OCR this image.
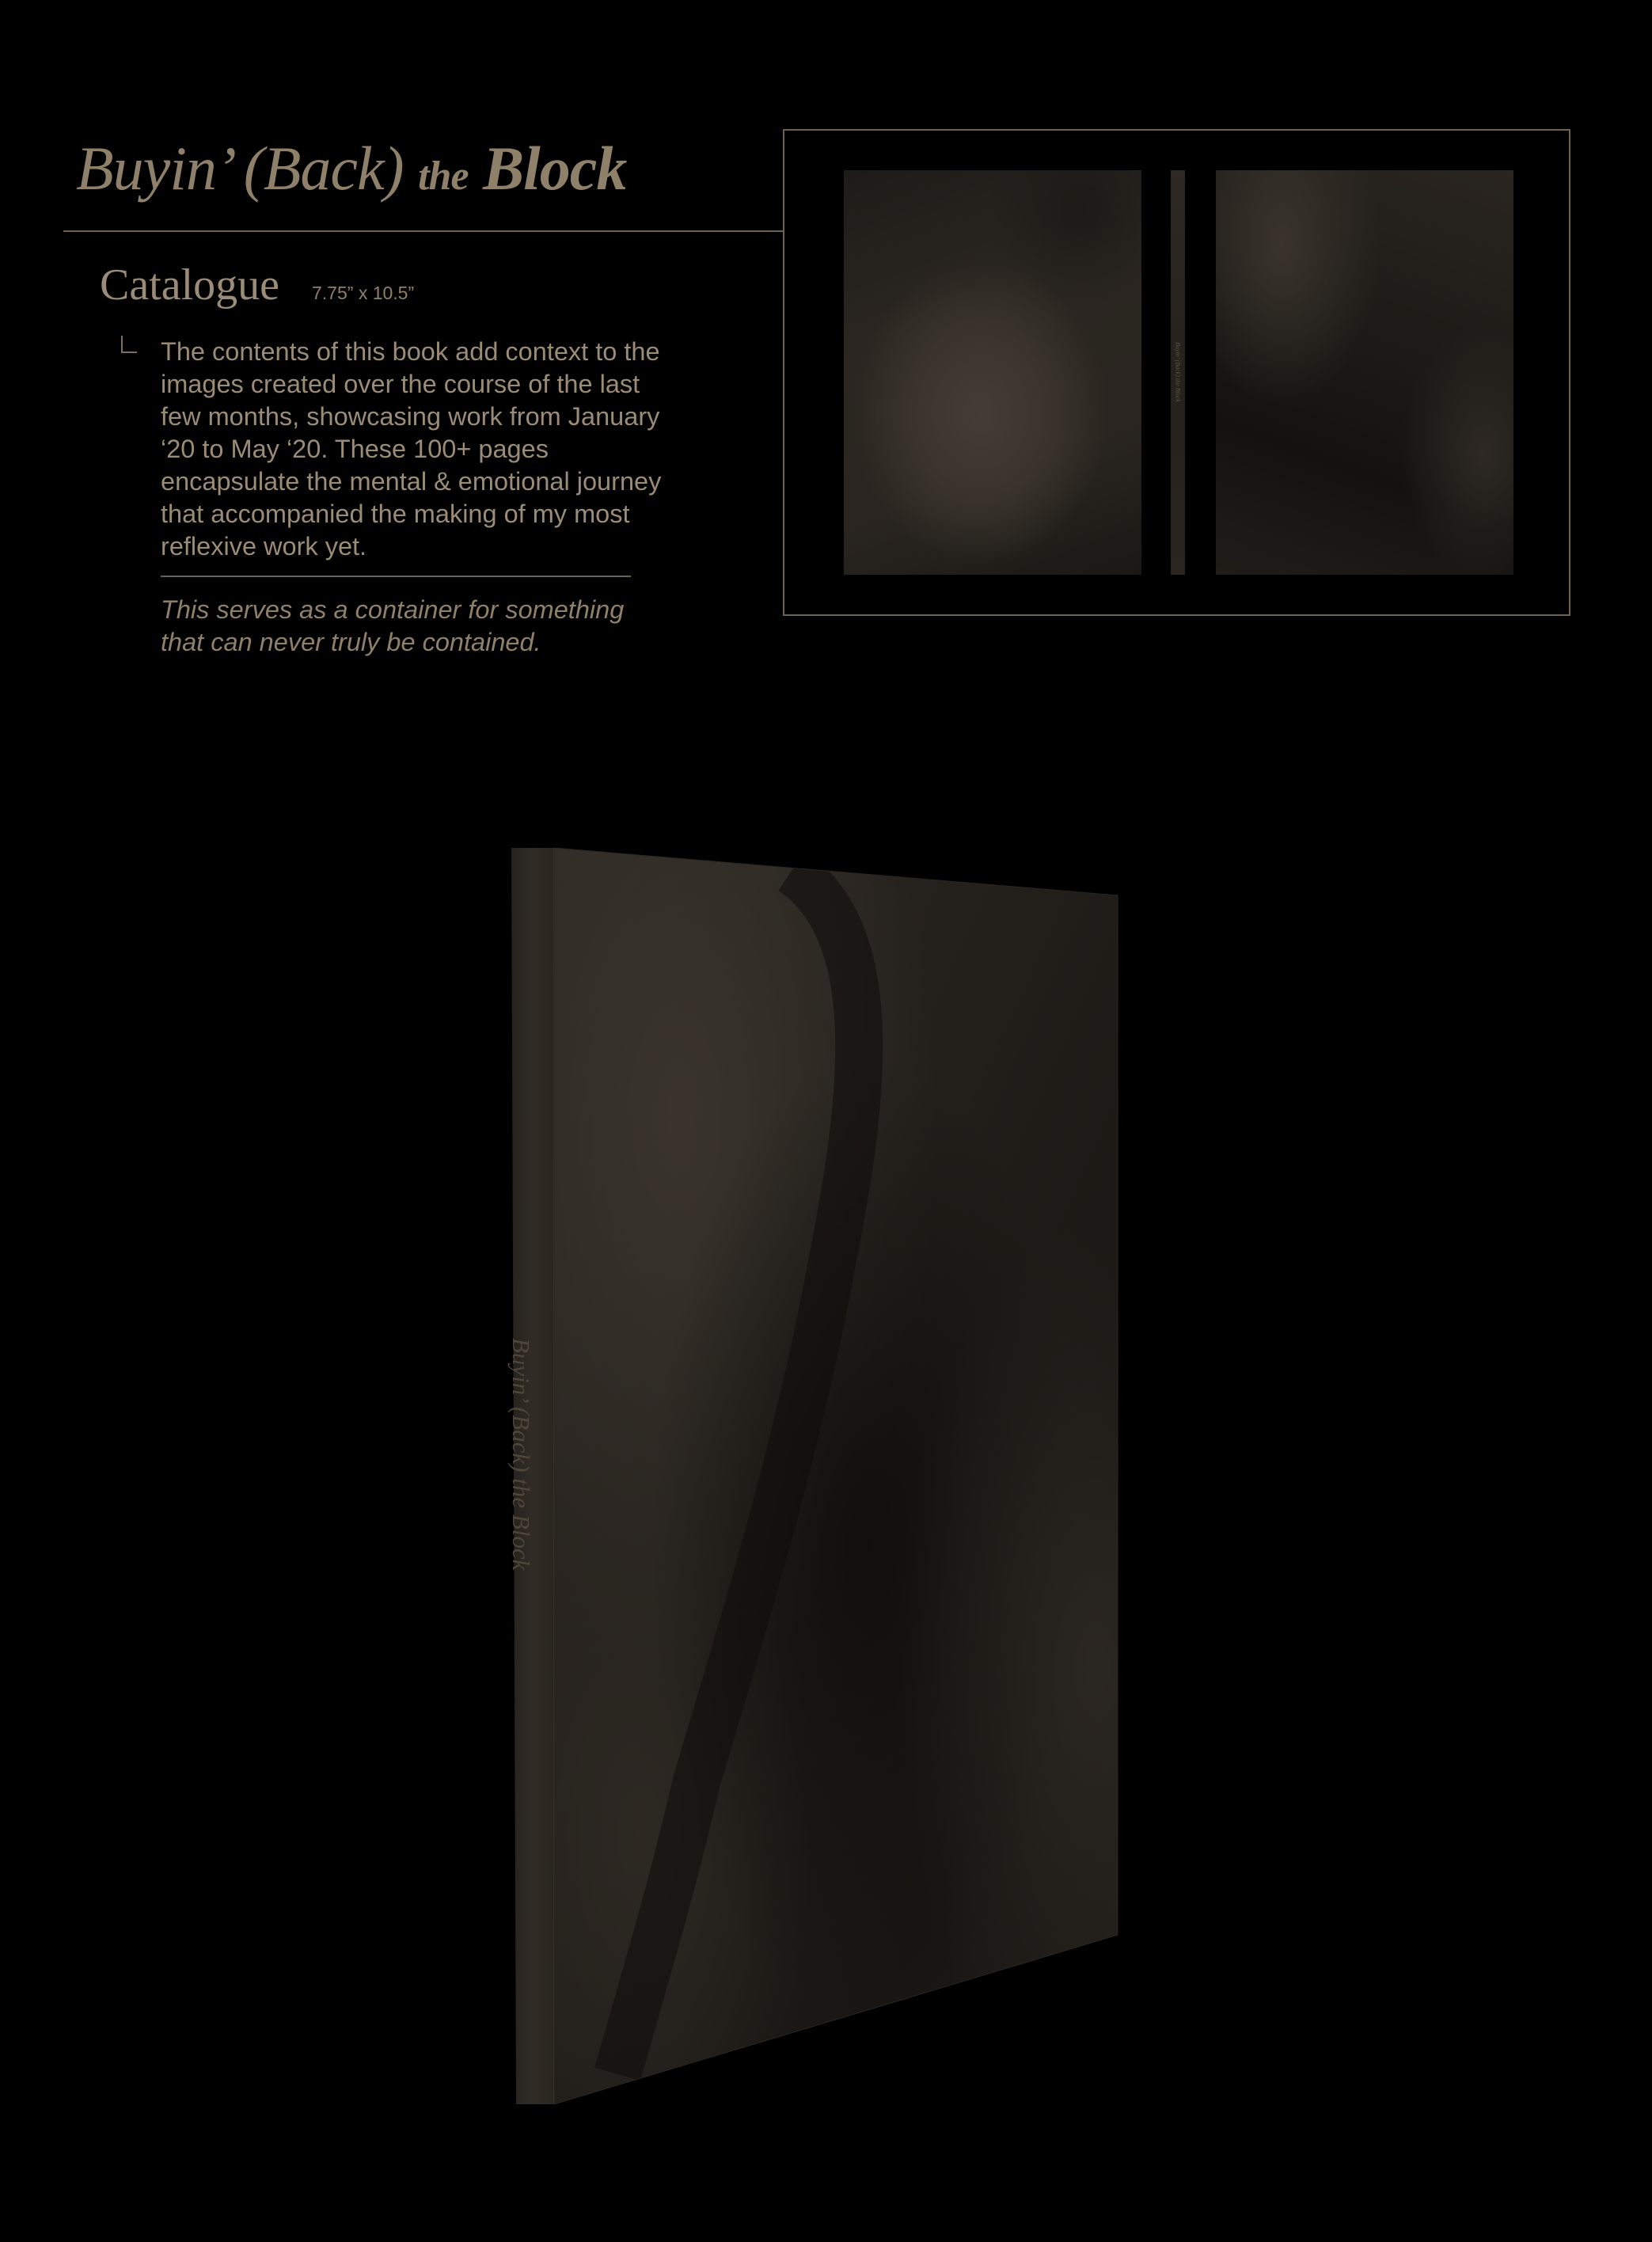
Buyin’ (Back) the Block
Catalogue 7.75” x 10.5”

The contents of this book add context to the images created over the course of the last few months, showcasing work from January ‘20 to May ‘20. These 100+ pages encapsulate the mental & emotional journey that accompanied the making of my most reflexive work yet.

This serves as a container for something that can never truly be contained.

Buyin’ (Back) the Block
Buyin’ (Back) the Block
